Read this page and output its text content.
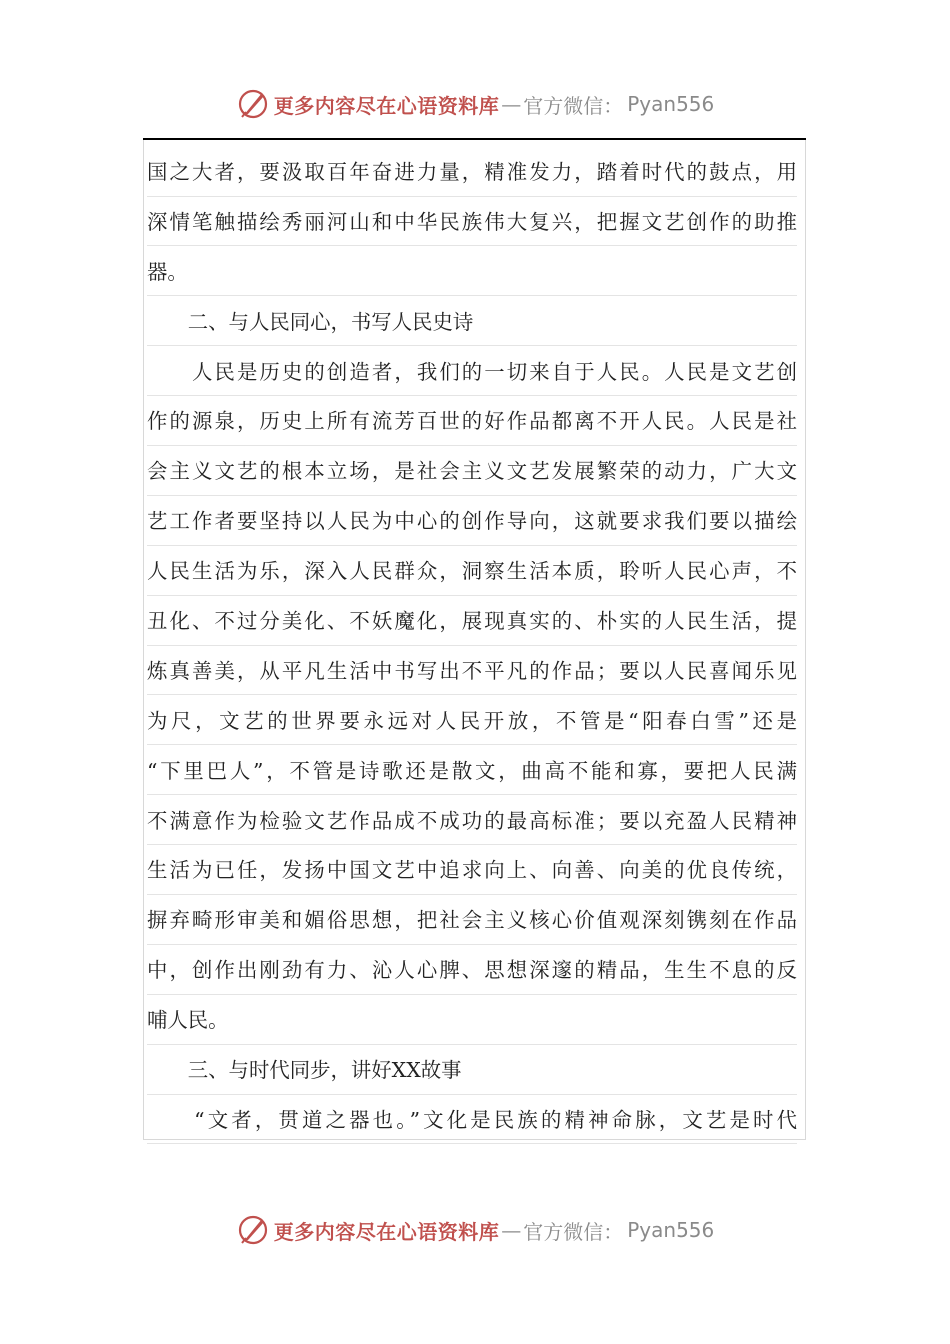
更多内容尽在心语资料库 — 官方微信： Pyan556
国之大者，要汲取百年奋进力量，精准发力，踏着时代的鼓点，用
深情笔触描绘秀丽河山和中华民族伟大复兴，把握文艺创作的助推
器。
　　二、与人民同心，书写人民史诗
　　人民是历史的创造者，我们的一切来自于人民。人民是文艺创
作的源泉，历史上所有流芳百世的好作品都离不开人民。人民是社
会主义文艺的根本立场，是社会主义文艺发展繁荣的动力，广大文
艺工作者要坚持以人民为中心的创作导向，这就要求我们要以描绘
人民生活为乐，深入人民群众，洞察生活本质，聆听人民心声，不
丑化、不过分美化、不妖魔化，展现真实的、朴实的人民生活，提
炼真善美，从平凡生活中书写出不平凡的作品；要以人民喜闻乐见
为尺，文艺的世界要永远对人民开放，不管是“阳春白雪”还是
“下里巴人”，不管是诗歌还是散文，曲高不能和寡，要把人民满
不满意作为检验文艺作品成不成功的最高标准；要以充盈人民精神
生活为已任，发扬中国文艺中追求向上、向善、向美的优良传统，
摒弃畸形审美和媚俗思想，把社会主义核心价值观深刻镌刻在作品
中，创作出刚劲有力、沁人心脾、思想深邃的精品，生生不息的反
哺人民。
　　三、与时代同步，讲好XX故事
　　“文者，贯道之器也。”文化是民族的精神命脉，文艺是时代
更多内容尽在心语资料库 — 官方微信： Pyan556
